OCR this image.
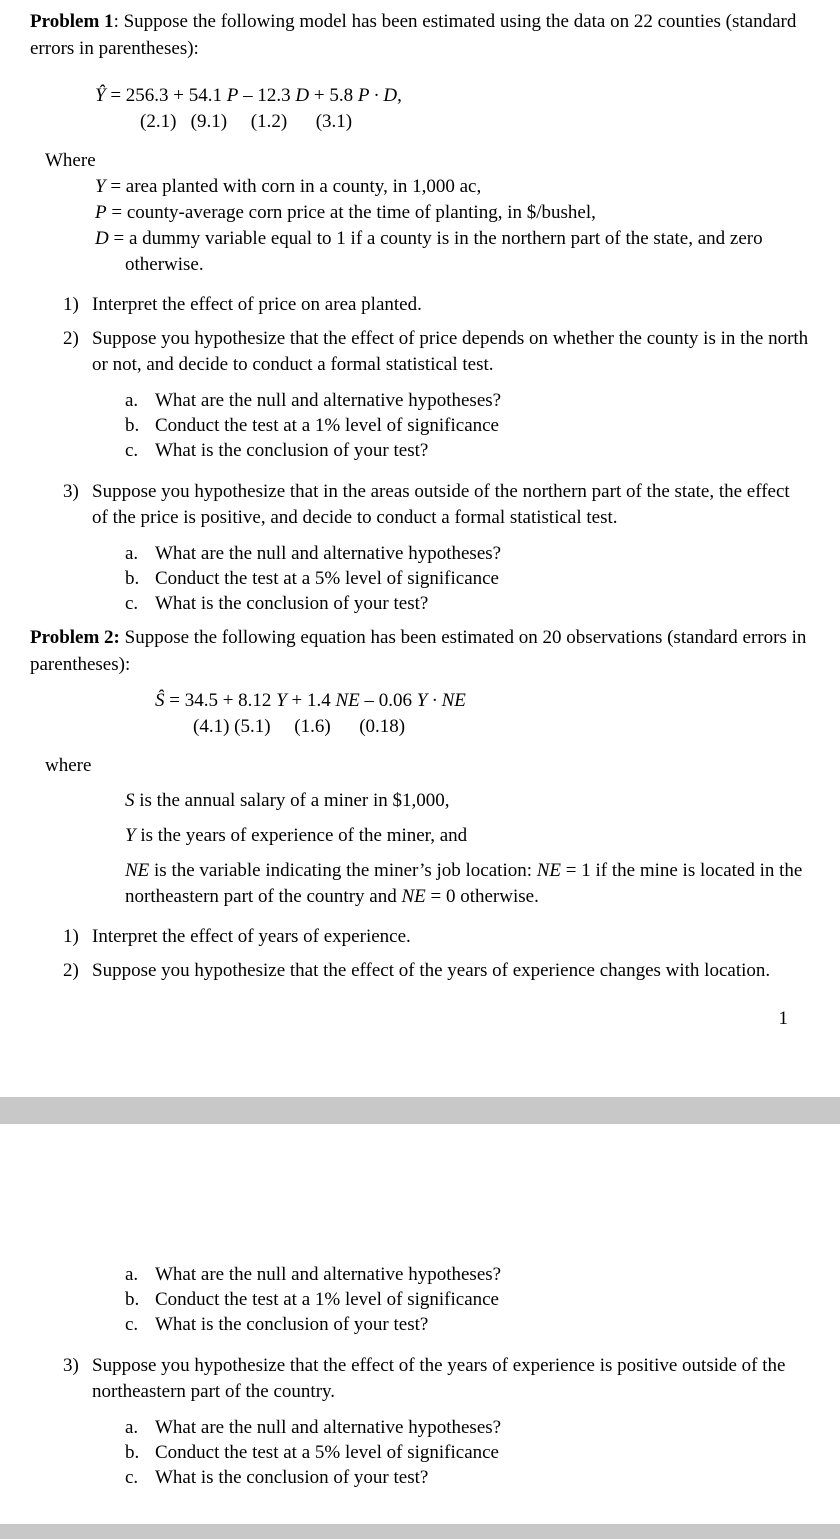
Problem 1: Suppose the following model has been estimated using the data on 22 counties (standard errors in parentheses):

Ŷ = 256.3 + 54.1 P – 12.3 D + 5.8 P · D,
(2.1)   (9.1)     (1.2)      (3.1)

Where

Y = area planted with corn in a county, in 1,000 ac,

P = county-average corn price at the time of planting, in $/bushel,

D = a dummy variable equal to 1 if a county is in the northern part of the state, and zero otherwise.

1) Interpret the effect of price on area planted.
2) Suppose you hypothesize that the effect of price depends on whether the county is in the north or not, and decide to conduct a formal statistical test.
a. What are the null and alternative hypotheses?
b. Conduct the test at a 1% level of significance
c. What is the conclusion of your test?
3) Suppose you hypothesize that in the areas outside of the northern part of the state, the effect of the price is positive, and decide to conduct a formal statistical test.
a. What are the null and alternative hypotheses?
b. Conduct the test at a 5% level of significance
c. What is the conclusion of your test?

Problem 2: Suppose the following equation has been estimated on 20 observations (standard errors in parentheses):

Ŝ = 34.5 + 8.12 Y + 1.4 NE – 0.06 Y · NE
(4.1) (5.1)     (1.6)      (0.18)

where

S is the annual salary of a miner in $1,000,

Y is the years of experience of the miner, and

NE is the variable indicating the miner’s job location: NE = 1 if the mine is located in the northeastern part of the country and NE = 0 otherwise.

1) Interpret the effect of years of experience.
2) Suppose you hypothesize that the effect of the years of experience changes with location.
1
a. What are the null and alternative hypotheses?
b. Conduct the test at a 1% level of significance
c. What is the conclusion of your test?
3) Suppose you hypothesize that the effect of the years of experience is positive outside of the northeastern part of the country.
a. What are the null and alternative hypotheses?
b. Conduct the test at a 5% level of significance
c. What is the conclusion of your test?
